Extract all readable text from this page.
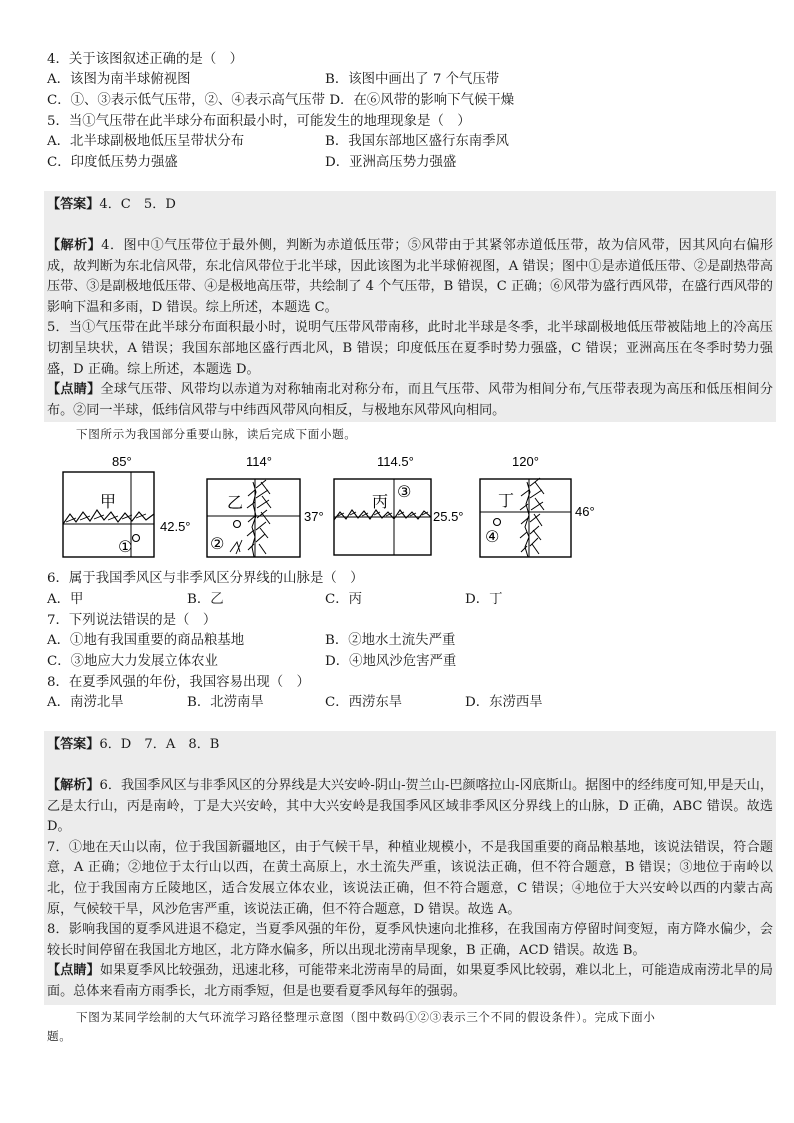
4．关于该图叙述正确的是（　）
A．该图为南半球俯视图	B．该图中画出了 7 个气压带
C．①、③表示低气压带，②、④表示高气压带 D．在⑥风带的影响下气候干燥
5．当①气压带在此半球分布面积最小时，可能发生的地理现象是（　）
A．北半球副极地低压呈带状分布	B．我国东部地区盛行东南季风
C．印度低压势力强盛	D．亚洲高压势力强盛

【答案】4．C　5．D

【解析】4．图中①气压带位于最外侧，判断为赤道低压带；⑤风带由于其紧邻赤道低压带，故为信风带，因其风向右偏形成，故判断为东北信风带，东北信风带位于北半球，因此该图为北半球俯视图，A 错误；图中①是赤道低压带、②是副热带高压带、③是副极地低压带、④是极地高压带，共绘制了 4 个气压带，B 错误，C 正确；⑥风带为盛行西风带，在盛行西风带的影响下温和多雨，D 错误。综上所述，本题选 C。

5．当①气压带在此半球分布面积最小时，说明气压带风带南移，此时北半球是冬季，北半球副极地低压带被陆地上的冷高压切割呈块状，A 错误；我国东部地区盛行西北风，B 错误；印度低压在夏季时势力强盛，C 错误；亚洲高压在冬季时势力强盛，D 正确。综上所述，本题选 D。

【点睛】全球气压带、风带均以赤道为对称轴南北对称分布，而且气压带、风带为相间分布,气压带表现为高压和低压相间分布。②同一半球，低纬信风带与中纬西风带风向相反，与极地东风带风向相同。

下图所示为我国部分重要山脉，读后完成下面小题。
85°
甲
①
42.5°
114°
乙
②
37°
114.5°
丙
③
25.5°
120°
丁
④
46°
6．属于我国季风区与非季风区分界线的山脉是（　）
A．甲	B．乙	C．丙	D．丁
7．下列说法错误的是（　）
A．①地有我国重要的商品粮基地	B．②地水土流失严重
C．③地应大力发展立体农业	D．④地风沙危害严重
8．在夏季风强的年份，我国容易出现（　）
A．南涝北旱	B．北涝南旱	C．西涝东旱	D．东涝西旱

【答案】6．D　7．A　8．B

【解析】6．我国季风区与非季风区的分界线是大兴安岭-阴山-贺兰山-巴颜喀拉山-冈底斯山。据图中的经纬度可知,甲是天山，乙是太行山，丙是南岭，丁是大兴安岭，其中大兴安岭是我国季风区域非季风区分界线上的山脉，D 正确，ABC 错误。故选 D。

7．①地在天山以南，位于我国新疆地区，由于气候干旱，种植业规模小，不是我国重要的商品粮基地，该说法错误，符合题意，A 正确；②地位于太行山以西，在黄土高原上，水土流失严重，该说法正确，但不符合题意，B 错误；③地位于南岭以北，位于我国南方丘陵地区，适合发展立体农业，该说法正确，但不符合题意，C 错误；④地位于大兴安岭以西的内蒙古高原，气候较干旱，风沙危害严重，该说法正确，但不符合题意，D 错误。故选 A。

8．影响我国的夏季风进退不稳定，当夏季风强的年份，夏季风快速向北推移，在我国南方停留时间变短，南方降水偏少，会较长时间停留在我国北方地区，北方降水偏多，所以出现北涝南旱现象，B 正确，ACD 错误。故选 B。

【点睛】如果夏季风比较强劲，迅速北移，可能带来北涝南旱的局面，如果夏季风比较弱，难以北上，可能造成南涝北旱的局面。总体来看南方雨季长，北方雨季短，但是也要看夏季风每年的强弱。

下图为某同学绘制的大气环流学习路径整理示意图（图中数码①②③表示三个不同的假设条件）。完成下面小
题。
